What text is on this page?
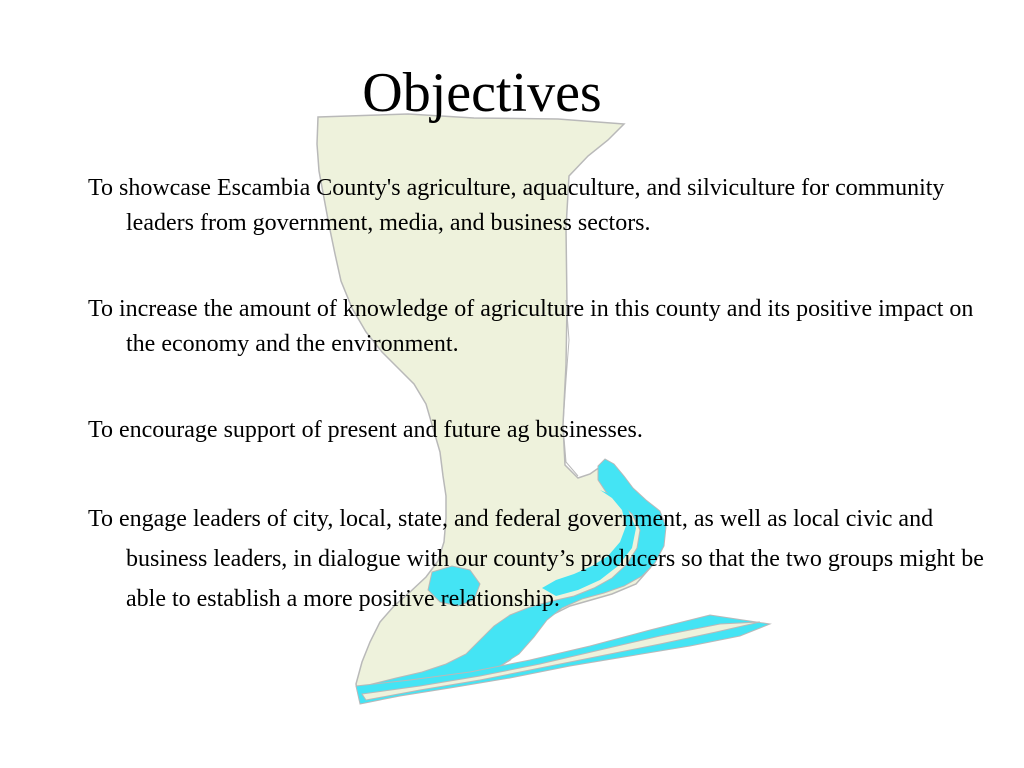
Objectives
To showcase Escambia County's agriculture, aquaculture, and silviculture for community leaders from government, media, and business sectors.
To increase the amount of knowledge of agriculture in this county and its positive impact on the economy and the environment.
To encourage support of present and future ag businesses.
To engage leaders of city, local, state, and federal government, as well as local civic and business leaders, in dialogue with our county’s producers so that the two groups might be able to establish a more positive relationship.
